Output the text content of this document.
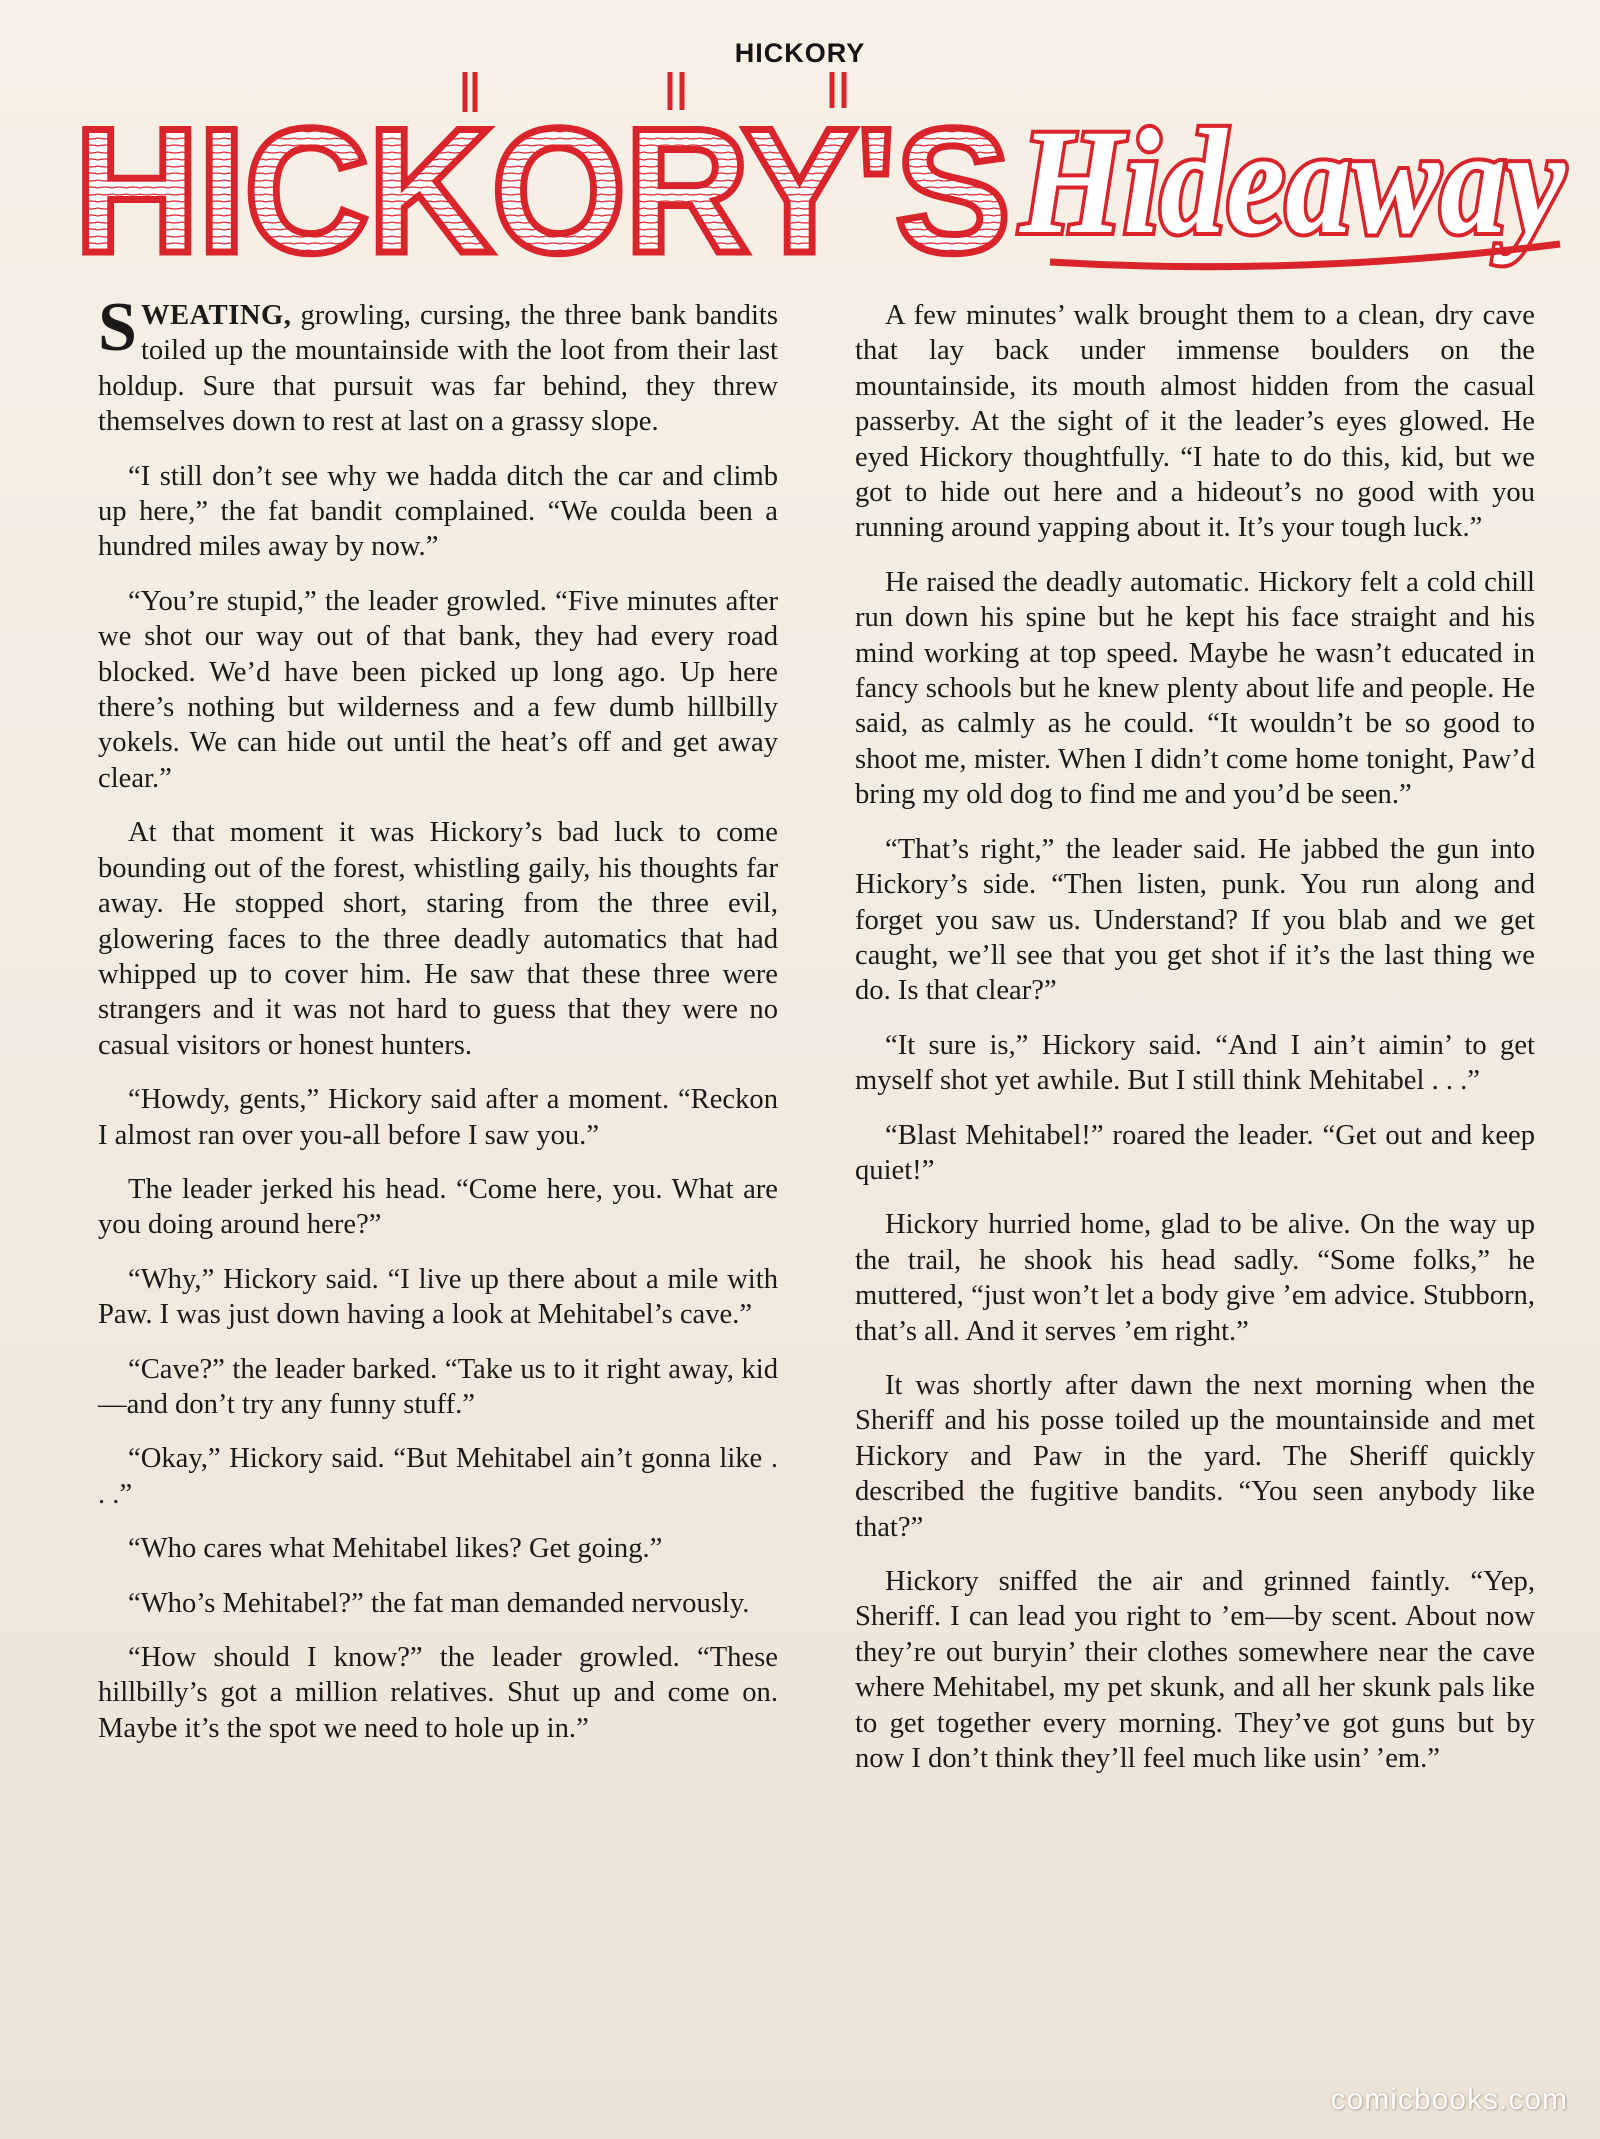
HICKORY
HICKORY'S Hideaway

SWEATING, growling, cursing, the three bank bandits toiled up the mountainside with the loot from their last holdup. Sure that pursuit was far behind, they threw themselves down to rest at last on a grassy slope.

“I still don’t see why we hadda ditch the car and climb up here,” the fat bandit complained. “We coulda been a hundred miles away by now.”

“You’re stupid,” the leader growled. “Five minutes after we shot our way out of that bank, they had every road blocked. We’d have been picked up long ago. Up here there’s nothing but wilderness and a few dumb hillbilly yokels. We can hide out until the heat’s off and get away clear.”

At that moment it was Hickory’s bad luck to come bounding out of the forest, whistling gaily, his thoughts far away. He stopped short, staring from the three evil, glowering faces to the three deadly automatics that had whipped up to cover him. He saw that these three were strangers and it was not hard to guess that they were no casual visitors or honest hunters.

“Howdy, gents,” Hickory said after a moment. “Reckon I almost ran over you-all before I saw you.”

The leader jerked his head. “Come here, you. What are you doing around here?”

“Why,” Hickory said. “I live up there about a mile with Paw. I was just down having a look at Mehitabel’s cave.”

“Cave?” the leader barked. “Take us to it right away, kid—and don’t try any funny stuff.”

“Okay,” Hickory said. “But Mehitabel ain’t gonna like . . .”

“Who cares what Mehitabel likes? Get going.”

“Who’s Mehitabel?” the fat man demanded nervously.

“How should I know?” the leader growled. “These hillbilly’s got a million relatives. Shut up and come on. Maybe it’s the spot we need to hole up in.”

A few minutes’ walk brought them to a clean, dry cave that lay back under immense boulders on the mountainside, its mouth almost hidden from the casual passerby. At the sight of it the leader’s eyes glowed. He eyed Hickory thoughtfully. “I hate to do this, kid, but we got to hide out here and a hideout’s no good with you running around yapping about it. It’s your tough luck.”

He raised the deadly automatic. Hickory felt a cold chill run down his spine but he kept his face straight and his mind working at top speed. Maybe he wasn’t educated in fancy schools but he knew plenty about life and people. He said, as calmly as he could. “It wouldn’t be so good to shoot me, mister. When I didn’t come home tonight, Paw’d bring my old dog to find me and you’d be seen.”

“That’s right,” the leader said. He jabbed the gun into Hickory’s side. “Then listen, punk. You run along and forget you saw us. Understand? If you blab and we get caught, we’ll see that you get shot if it’s the last thing we do. Is that clear?”

“It sure is,” Hickory said. “And I ain’t aimin’ to get myself shot yet awhile. But I still think Mehitabel . . .”

“Blast Mehitabel!” roared the leader. “Get out and keep quiet!”

Hickory hurried home, glad to be alive. On the way up the trail, he shook his head sadly. “Some folks,” he muttered, “just won’t let a body give ’em advice. Stubborn, that’s all. And it serves ’em right.”

It was shortly after dawn the next morning when the Sheriff and his posse toiled up the mountainside and met Hickory and Paw in the yard. The Sheriff quickly described the fugitive bandits. “You seen anybody like that?”

Hickory sniffed the air and grinned faintly. “Yep, Sheriff. I can lead you right to ’em—by scent. About now they’re out buryin’ their clothes somewhere near the cave where Mehitabel, my pet skunk, and all her skunk pals like to get together every morning. They’ve got guns but by now I don’t think they’ll feel much like usin’ ’em.”

comicbooks.com
